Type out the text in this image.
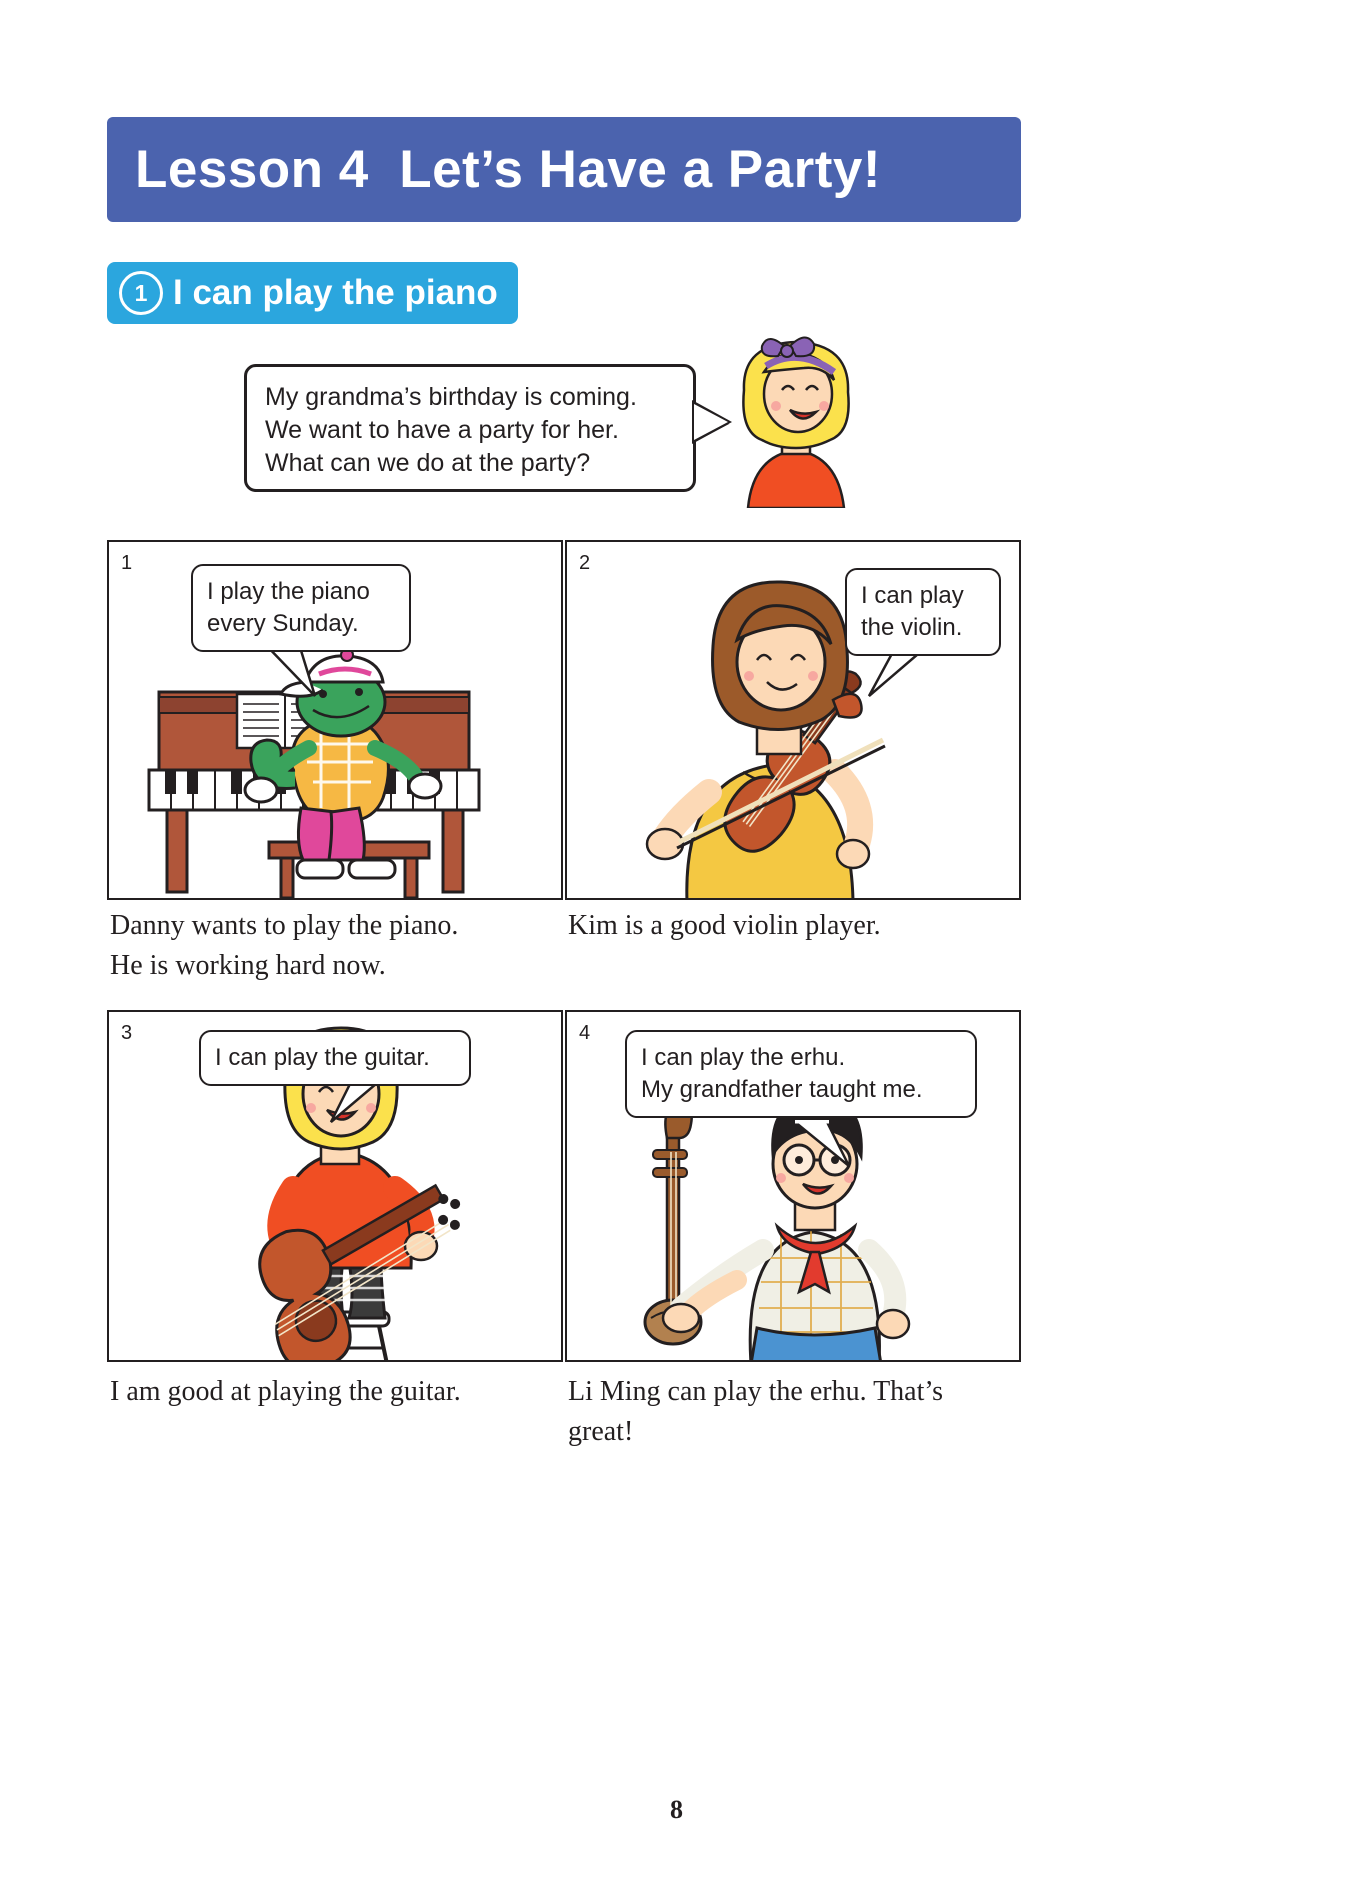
Lesson 4  Let’s Have a Party!
1 I can play the piano
My grandma’s birthday is coming.
We want to have a party for her.
What can we do at the party?
1
I play the piano
every Sunday.
Danny wants to play the piano.
He is working hard now.
2
I can play
the violin.
Kim is a good violin player.
3
I can play the guitar.
I am good at playing the guitar.
4
I can play the erhu.
My grandfather taught me.
Li Ming can play the erhu. That’s
great!
8
